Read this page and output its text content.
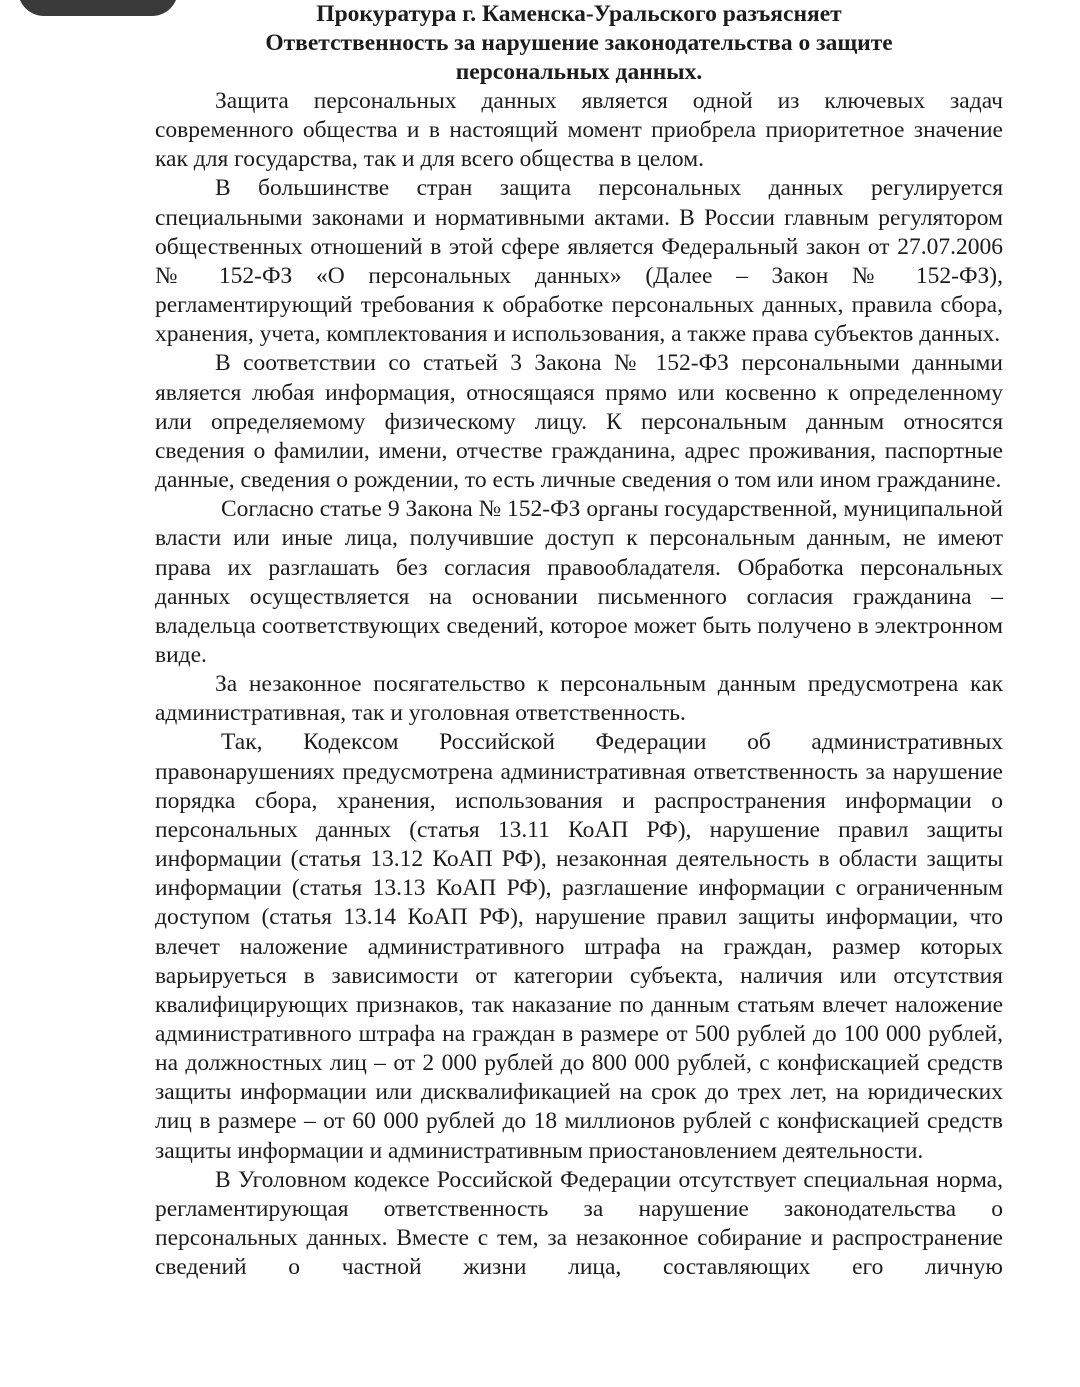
Прокуратура г. Каменска-Уральского разъясняет
Ответственность за нарушение законодательства о защите
персональных данных.

Защита персональных данных является одной из ключевых задач современного общества и в настоящий момент приобрела приоритетное значение как для государства, так и для всего общества в целом.

В большинстве стран защита персональных данных регулируется специальными законами и нормативными актами. В России главным регулятором общественных отношений в этой сфере является Федеральный закон от 27.07.2006 № 152-ФЗ «О персональных данных» (Далее – Закон № 152-ФЗ), регламентирующий требования к обработке персональных данных, правила сбора, хранения, учета, комплектования и использования, а также права субъектов данных.

В соответствии со статьей 3 Закона № 152-ФЗ персональными данными является любая информация, относящаяся прямо или косвенно к определенному или определяемому физическому лицу. К персональным данным относятся сведения о фамилии, имени, отчестве гражданина, адрес проживания, паспортные данные, сведения о рождении, то есть личные сведения о том или ином гражданине.

Согласно статье 9 Закона № 152-ФЗ органы государственной, муниципальной власти или иные лица, получившие доступ к персональным данным, не имеют права их разглашать без согласия правообладателя. Обработка персональных данных осуществляется на основании письменного согласия гражданина – владельца соответствующих сведений, которое может быть получено в электронном виде.

За незаконное посягательство к персональным данным предусмотрена как административная, так и уголовная ответственность.

Так, Кодексом Российской Федерации об административных правонарушениях предусмотрена административная ответственность за нарушение порядка сбора, хранения, использования и распространения информации о персональных данных (статья 13.11 КоАП РФ), нарушение правил защиты информации (статья 13.12 КоАП РФ), незаконная деятельность в области защиты информации (статья 13.13 КоАП РФ), разглашение информации с ограниченным доступом (статья 13.14 КоАП РФ), нарушение правил защиты информации, что влечет наложение административного штрафа на граждан, размер которых варьируеться в зависимости от категории субъекта, наличия или отсутствия квалифицирующих признаков, так наказание по данным статьям влечет наложение административного штрафа на граждан в размере от 500 рублей до 100 000 рублей, на должностных лиц – от 2 000 рублей до 800 000 рублей, с конфискацией средств защиты информации или дисквалификацией на срок до трех лет, на юридических лиц в размере – от 60 000 рублей до 18 миллионов рублей с конфискацией средств защиты информации и административным приостановлением деятельности.

В Уголовном кодексе Российской Федерации отсутствует специальная норма, регламентирующая ответственность за нарушение законодательства о персональных данных. Вместе с тем, за незаконное собирание и распространение сведений о частной жизни лица, составляющих его личную
